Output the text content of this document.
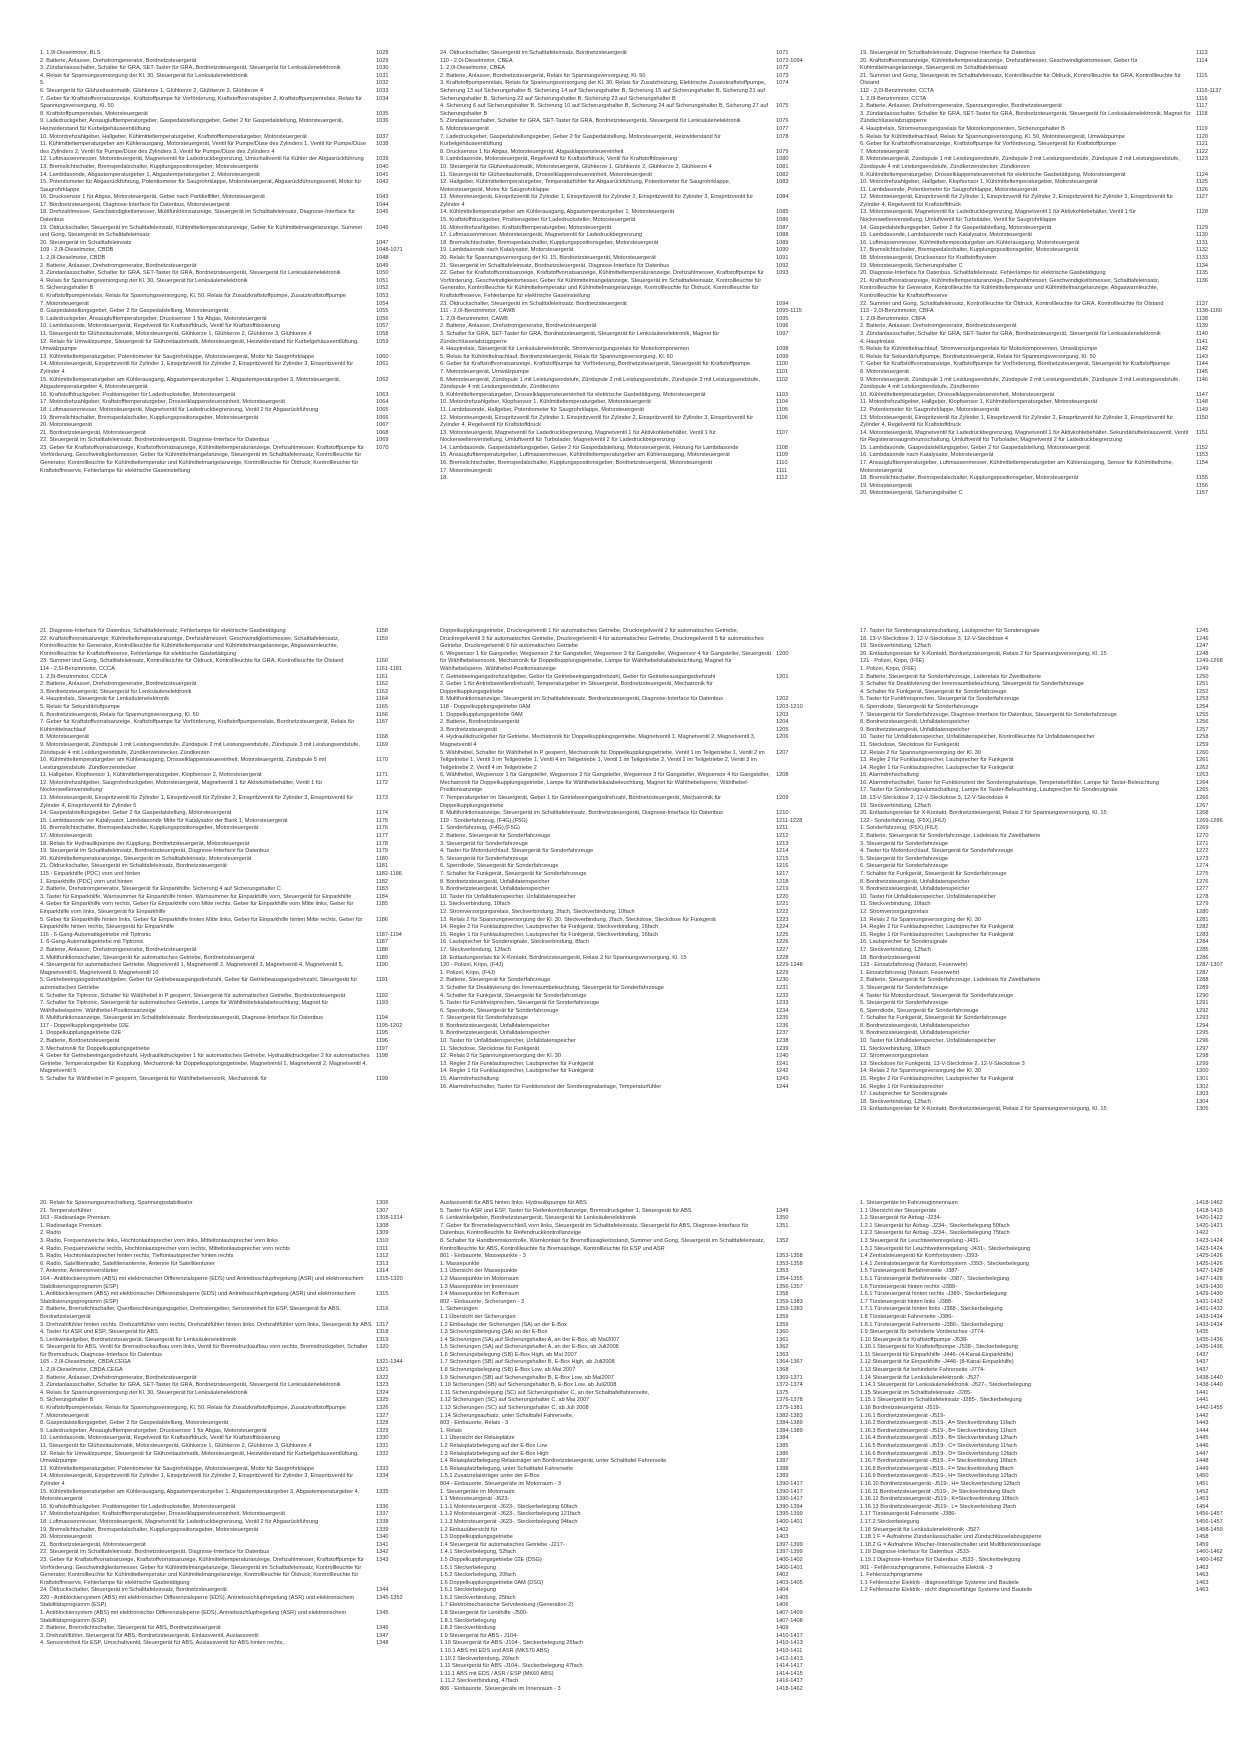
1. 1,9l-Dieselmotor, BLS	1028
2. Batterie, Anlasser, Drehstromgenerator, Bordnetzsteuergerät	1029
3. Zündanlassschalter, Schalter für GRA, SET-Taster für GRA, Bordnetzsteuergerät, Steuergerät für Lenksäulenelektronik	1030
4. Relais für Spannungsversorgung der Kl. 30, Steuergerät für Lenksäulenelektronik	1031
5.	1032
6. Steuergerät für Glühzeitautomatik, Glühkerze 1, Glühkerze 2, Glühkerze 3, Glühkerze 4	1033
7. Geber für Kraftstoffvorratsanzeige, Kraftstoffpumpe für Vorförderung, Kraftstoffvorratsgeber 2, Kraftstoffpumpenrelais, Relais für Spannungsversorgung, Kl. 50
1034
8. Kraftstoffpumpenrelais, Motorsteuergerät	1035
9. Ladedruckgeber, Ansauglufttemperaturgeber, Gaspedalstellungsgeber, Geber 2 für Gaspedalstellung, Motorsteuergerät, Heizwiderstand für Kurbelgehäuseentlüftung
1036
10. Motordrehzahlgeber, Hallgeber, Kühlmitteltemperaturgeber, Kraftstofftemperaturgeber, Motorsteuergerät	1037
11. Kühlmitteltemperaturgeber am Kühlerausgang, Motorsteuergerät, Ventil für Pumpe/Düse des Zylinders 1, Ventil für Pumpe/Düse des Zylinders 2, Ventil für Pumpe/Düse des Zylinders 3, Ventil für Pumpe/Düse des Zylinders 4
1038
12. Luftmassenmesser, Motorsteuergerät, Magnetventil für Ladedruckbegrenzung, Umschaltventil für Kühler der Abgasrückführung	1039
13. Bremslichtschalter, Bremspedalschalter, Kupplungspositionsgeber, Motorsteuergerät	1040
14. Lambdasonde, Abgastemperaturgeber 1, Abgastemperaturgeber 2, Motorsteuergerät	1041
15. Potentiometer für Abgasrückführung, Potentiometer für Saugrohrklappe, Motorsteuergerät, Abgasrückführungsventil, Motor für Saugrohrklappe
1042
16. Drucksensor 1 für Abgas, Motorsteuergerät, Geber nach Partikelfilter, Motorsteuergerät	1043
17. Bordnetzsteuergerät, Diagnose-Interface für Datenbus, Motorsteuergerät	1044
18. Drehzahlmesser, Geschwindigkeitsmesser, Multifunktionsanzeige, Steuergerät im Schalttafeleinsatz, Diagnose-Interface für Datenbus
1045
19. Öldruckschalter, Steuergerät im Schalttafeleinsatz, Kühlmitteltemperaturanzeige, Geber für Kühlmittelmangelanzeige, Summer und Gong, Steuergerät im Schalttafeleinsatz
1046
20. Steuergerät im Schalttafeleinsatz	1047
109 - 2,0l-Dieselmotor, CBDB	1048-1071
1. 2,0l-Dieselmotor, CBDB	1048
2. Batterie, Anlasser, Drehstromgenerator, Bordnetzsteuergerät	1049
3. Zündanlassschalter, Schalter für GRA, SET-Taster für GRA, Bordnetzsteuergerät, Steuergerät für Lenksäulenelektronik	1050
4. Relais für Spannungsversorgung der Kl. 30, Steuergerät für Lenksäulenelektronik	1051
5. Sicherungshalter B	1052
6. Kraftstoffpumpenrelais, Relais für Spannungsversorgung, Kl. 50, Relais für Zusatzkraftstoffpumpe, Zusatzkraftstoffpumpe	1053
7. Motorsteuergerät	1054
8. Gaspedalstellungsgeber, Geber 2 für Gaspedalstellung, Motorsteuergerät	1055
9. Ladedruckgeber, Ansauglufttemperaturgeber, Drucksensor 1 für Abgas, Motorsteuergerät	1056
10. Lambdasonde, Motorsteuergerät, Regelventil für Kraftstoffdruck, Ventil für Kraftstoffdosierung	1057
11. Steuergerät für Glühzeitautomatik, Motorsteuergerät, Glühkerze 1, Glühkerze 2, Glühkerze 3, Glühkerze 4	1058
12. Relais für Umwälzpumpe, Steuergerät für Glühzeitautomatik, Motorsteuergerät, Heizwiderstand für Kurbelgehäuseentlüftung, Umwälzpumpe
1059
13. Kühlmitteltemperaturgeber, Potentiometer für Saugrohrklappe, Motorsteuergerät, Motor für Saugrohrklappe	1060
14. Motorsteuergerät, Einspritzventil für Zylinder 1, Einspritzventil für Zylinder 2, Einspritzventil für Zylinder 3, Einspritzventil für Zylinder 4
1061
15. Kühlmitteltemperaturgeber am Kühlerausgang, Abgastemperaturgeber 1, Abgastemperaturgeber 3, Motorsteuergerät, Abgastemperaturgeber 4, Motorsteuergerät
1062
16. Kraftstoffdruckgeber, Positionsgeber für Ladedrucksteller, Motorsteuergerät	1063
17. Motordrehzahlgeber, Kraftstofftemperaturgeber, Drosselklappensteuereinheit, Motorsteuergerät	1064
18. Luftmassenmesser, Motorsteuergerät, Magnetventil für Ladedruckbegrenzung, Ventil 2 für Abgasrückführung	1065
19. Bremslichtschalter, Bremspedalschalter, Kupplungspositionsgeber, Motorsteuergerät	1066
20. Motorsteuergerät	1067
21. Bordnetzsteuergerät, Motorsteuergerät	1068
22. Steuergerät im Schalttafeleinsatz, Bordnetzsteuergerät, Diagnose-Interface für Datenbus	1069
23. Geber für Kraftstoffvorratsanzeige, Kraftstoffvorratsanzeige, Kühlmitteltemperaturanzeige, Drehzahlmesser, Kraftstoffpumpe für Vorförderung, Geschwindigkeitsmesser, Geber für Kühlmittelmangelanzeige, Steuergerät im Schalttafeleinsatz, Kontrollleuchte für Generator, Kontrollleuchte für Kühlmitteltemperatur und Kühlmittelmangelanzeige, Kontrollleuchte für Öldruck, Kontrollleuchte für Kraftstoffreserve, Fehlerlampe für elektrische Gaseinstellung
1070
24. Öldruckschalter, Steuergerät im Schalttafeleinsatz, Bordnetzsteuergerät	1071
110 - 2,0l-Dieselmotor, CBEA	1072-1094
1. 2,0l-Dieselmotor, CBEA	1072
2. Batterie, Anlasser, Bordnetzsteuergerät, Relais für Spannungsversorgung, Kl. 50	1073
3. Kraftstoffpumpenrelais, Relais für Spannungsversorgung der Kl. 30, Relais für Zusatzheizung, Elektrische Zusatzkraftstoffpumpe, Sicherung 13 auf Sicherungshalter B, Sicherung 14 auf Sicherungshalter B, Sicherung 15 auf Sicherungshalter B, Sicherung 21 auf Sicherungshalter B, Sicherung 22 auf Sicherungshalter B, Sicherung 23 auf Sicherungshalter B
1074
4. Sicherung 6 auf Sicherungshalter B, Sicherung 10 auf Sicherungshalter B, Sicherung 24 auf Sicherungshalter B, Sicherung 27 auf Sicherungshalter B
1075
5. Zündanlassschalter, Schalter für GRA, SET-Taster für GRA, Bordnetzsteuergerät, Steuergerät für Lenksäulenelektronik	1076
6. Motorsteuergerät	1077
7. Ladedruckgeber, Gaspedalstellungsgeber, Geber 2 für Gaspedalstellung, Motorsteuergerät, Heizwiderstand für Kurbelgehäuseentlüftung
1078
8. Drucksensor 1 für Abgas, Motorsteuergerät, Abgasklappensteuereinheit	1079
9. Lambdasonde, Motorsteuergerät, Regelventil für Kraftstoffdruck, Ventil für Kraftstoffdosierung	1080
10. Steuergerät für Glühzeitautomatik, Motorsteuergerät, Glühkerze 1, Glühkerze 2, Glühkerze 3, Glühkerze 4	1081
11. Steuergerät für Glühzeitautomatik, Drosselklappensteuereinheit, Motorsteuergerät	1082
12. Hallgeber, Kühlmitteltemperaturgeber, Temperaturfühler für Abgasrückführung, Potentiometer für Saugrohrklappe, Motorsteuergerät, Motor für Saugrohrklappe
1083
13. Motorsteuergerät, Einspritzventil für Zylinder 1, Einspritzventil für Zylinder 2, Einspritzventil für Zylinder 3, Einspritzventil für Zylinder 4
1084
14. Kühlmitteltemperaturgeber am Kühlerausgang, Abgastemperaturgeber 1, Motorsteuergerät	1085
15. Kraftstoffdruckgeber, Positionsgeber für Ladedrucksteller, Motorsteuergerät	1086
16. Motordrehzahlgeber, Kraftstofftemperaturgeber, Motorsteuergerät	1087
17. Luftmassenmesser, Motorsteuergerät, Magnetventil für Ladedruckbegrenzung	1088
18. Bremslichtschalter, Bremspedalschalter, Kupplungspositionsgeber, Motorsteuergerät	1089
19. Lambdasonde nach Katalysator, Motorsteuergerät	1090
20. Relais für Spannungsversorgung der Kl. 15, Bordnetzsteuergerät, Motorsteuergerät	1091
21. Steuergerät im Schalttafeleinsatz, Bordnetzsteuergerät, Diagnose-Interface für Datenbus	1092
22. Geber für Kraftstoffvorratsanzeige, Kraftstoffvorratsanzeige, Kühlmitteltemperaturanzeige, Drehzahlmesser, Kraftstoffpumpe für Vorförderung, Geschwindigkeitsmesser, Geber für Kühlmittelmangelanzeige, Steuergerät im Schalttafeleinsatz, Kontrollleuchte für Generator, Kontrollleuchte für Kühlmitteltemperatur und Kühlmittelmangelanzeige, Kontrollleuchte für Öldruck, Kontrollleuchte für Kraftstoffreserve, Fehlerlampe für elektrische Gaseinstellung
1093
23. Öldruckschalter, Steuergerät im Schalttafeleinsatz, Bordnetzsteuergerät	1094
111 - 2,0l-Benzinmotor, CAWB	1095-1115
1. 2,0l-Benzinmotor, CAWB	1095
2. Batterie, Anlasser, Drehstromgenerator, Bordnetzsteuergerät	1096
3. Schalter für GRA, SET-Taster für GRA, Bordnetzsteuergerät, Steuergerät für Lenksäulenelektronik, Magnet für Zündschlüsselabzugsperre
1097
4. Hauptrelais, Steuergerät für Lenksäulenelektronik, Stromversorgungsrelais für Motorkomponenten	1098
5. Relais für Kühlmittelnachlauf, Bordnetzsteuergerät, Relais für Spannungsversorgung, Kl. 50	1099
6. Geber für Kraftstoffvorratsanzeige, Kraftstoffpumpe für Vorförderung, Bordnetzsteuergerät, Steuergerät für Kraftstoffpumpe	1100
7. Motorsteuergerät, Umwälzpumpe	1101
8. Motorsteuergerät, Zündspule 1 mit Leistungsendstufe, Zündspule 2 mit Leistungsendstufe, Zündspule 3 mit Leistungsendstufe, Zündspule 4 mit Leistungsendstufe, Zündkerzen
1102
9. Kühlmitteltemperaturgeber, Drosselklappensteuereinheit für elektrische Gasbetätigung, Motorsteuergerät	1103
10. Motordrehzahlgeber, Klopfsensor 1, Kühlmitteltemperaturgeber, Motorsteuergerät	1104
11. Lambdasonde, Hallgeber, Potentiometer für Saugrohrklappe, Motorsteuergerät	1105
12. Motorsteuergerät, Einspritzventil für Zylinder 1, Einspritzventil für Zylinder 2, Einspritzventil für Zylinder 3, Einspritzventil für Zylinder 4, Regelventil für Kraftstoffdruck
1106
13. Motorsteuergerät, Magnetventil für Ladedruckbegrenzung, Magnetventil 1 für Aktivkohlebehälter, Ventil 1 für Nockenwellenverstellung, Umluftventil für Turbolader, Magnetventil 2 für Ladedruckbegrenzung
1107
14. Lambdasonde, Gaspedalstellungsgeber, Geber 2 für Gaspedalstellung, Motorsteuergerät, Heizung für Lambdasonde	1108
15. Ansauglufttemperaturgeber, Luftmassenmesser, Kühlmitteltemperaturgeber am Kühlerausgang, Motorsteuergerät	1109
16. Bremslichtschalter, Bremspedalschalter, Kupplungspositionsgeber, Bordnetzsteuergerät, Motorsteuergerät	1110
17. Motorsteuergerät	1111
18.	1112
19. Steuergerät im Schalttafeleinsatz, Diagnose-Interface für Datenbus	1113
20. Kraftstoffvorratsanzeige, Kühlmitteltemperaturanzeige, Drehzahlmesser, Geschwindigkeitsmesser, Geber für Kühlmittelmangelanzeige, Steuergerät im Schalttafeleinsatz
1114
21. Summer und Gong, Steuergerät im Schalttafeleinsatz, Kontrollleuchte für Öldruck, Kontrollleuchte für GRA, Kontrollleuchte für Ölstand
1115
112 - 2,0l-Benzinmotor, CCTA	1116-1137
1. 2,0l-Benzinmotor, CCTA	1116
2. Batterie, Anlasser, Drehstromgenerator, Spannungsregler, Bordnetzsteuergerät	1117
3. Zündanlassschalter, Schalter für GRA, SET-Taster für GRA, Bordnetzsteuergerät, Steuergerät für Lenksäulenelektronik, Magnet für Zündschlüsselabzugsperre
1118
4. Hauptrelais, Stromversorgungsrelais für Motorkomponenten, Sicherungshalter B	1119
5. Relais für Kühlmittelnachlauf, Relais für Spannungsversorgung, Kl. 50, Motorsteuergerät, Umwälzpumpe	1120
6. Geber für Kraftstoffvorratsanzeige, Kraftstoffpumpe für Vorförderung, Steuergerät für Kraftstoffpumpe	1121
7. Motorsteuergerät	1122
8. Motorsteuergerät, Zündspule 1 mit Leistungsendstufe, Zündspule 2 mit Leistungsendstufe, Zündspule 3 mit Leistungsendstufe, Zündspule 4 mit Leistungsendstufe, Zündkerzenstecker, Zündkerzen
1123
9. Kühlmitteltemperaturgeber, Drosselklappensteuereinheit für elektrische Gasbetätigung, Motorsteuergerät	1124
10. Motordrehzahlgeber, Hallgeber, Klopfsensor 1, Kühlmitteltemperaturgeber, Motorsteuergerät	1125
11. Lambdasonde, Potentiometer für Saugrohrklappe, Motorsteuergerät	1126
12. Motorsteuergerät, Einspritzventil für Zylinder 1, Einspritzventil für Zylinder 2, Einspritzventil für Zylinder 3, Einspritzventil für Zylinder 4, Regelventil für Kraftstoffdruck
1127
13. Motorsteuergerät, Magnetventil für Ladedruckbegrenzung, Magnetventil 1 für Aktivkohlebehälter, Ventil 1 für Nockenwellenverstellung, Umluftventil für Turbolader, Ventil für Saugrohrklappe
1128
14. Gaspedalstellungsgeber, Geber 2 für Gaspedalstellung, Motorsteuergerät	1129
15. Lambdasonde, Lambdasonde nach Katalysator, Motorsteuergerät	1130
16. Luftmassenmesser, Kühlmitteltemperaturgeber am Kühlerausgang, Motorsteuergerät	1131
17. Bremslichtschalter, Bremspedalschalter, Kupplungspositionsgeber, Motorsteuergerät	1132
18. Motorsteuergerät, Drucksensor für Kraftstoffsystem	1133
19. Motorsteuergerät, Sicherungshalter C	1134
20. Diagnose-Interface für Datenbus, Schalttafeleinsatz, Fehlerlampe für elektrische Gasbetätigung	1135
21. Kraftstoffvorratsanzeige, Kühlmitteltemperaturanzeige, Drehzahlmesser, Geschwindigkeitsmesser, Schalttafeleinsatz, Kontrollleuchte für Generator, Kontrollleuchte für Kühlmitteltemperatur und Kühlmittelmangelanzeige, Abgaswarnleuchte, Kontrollleuchte für Kraftstoffreserve
1136
22. Summer und Gong, Schalttafeleinsatz, Kontrollleuchte für Öldruck, Kontrollleuchte für GRA, Kontrollleuchte für Ölstand	1137
113 - 2,0l-Benzinmotor, CBFA	1138-1160
1. 2,0l-Benzinmotor, CBFA	1138
2. Batterie, Anlasser, Drehstromgenerator, Bordnetzsteuergerät	1139
3. Zündanlassschalter, Schalter für GRA, SET-Taster für GRA, Bordnetzsteuergerät, Steuergerät für Lenksäulenelektronik	1140
4. Hauptrelais	1141
5. Relais für Kühlmittelnachlauf, Stromversorgungsrelais für Motorkomponenten, Umwälzpumpe	1142
6. Relais für Sekundärluftpumpe, Bordnetzsteuergerät, Relais für Spannungsversorgung, Kl. 50	1143
7. Geber für Kraftstoffvorratsanzeige, Kraftstoffpumpe für Vorförderung, Bordnetzsteuergerät, Steuergerät für Kraftstoffpumpe	1144
8. Motorsteuergerät	1145
9. Motorsteuergerät, Zündspule 1 mit Leistungsendstufe, Zündspule 2 mit Leistungsendstufe, Zündspule 3 mit Leistungsendstufe, Zündspule 4 mit Leistungsendstufe, Zündkerzen
1146
10. Kühlmitteltemperaturgeber, Drosselklappensteuereinheit, Motorsteuergerät	1147
11. Motordrehzahlgeber, Hallgeber, Klopfsensor 1, Kühlmitteltemperaturgeber, Motorsteuergerät	1148
12. Potentiometer für Saugrohrklappe, Motorsteuergerät	1149
13. Motorsteuergerät, Einspritzventil für Zylinder 1, Einspritzventil für Zylinder 2, Einspritzventil für Zylinder 3, Einspritzventil für Zylinder 4, Regelventil für Kraftstoffdruck
1150
14. Motorsteuergerät, Magnetventil für Ladedruckbegrenzung, Magnetventil 1 für Aktivkohlebehälter, Sekundärlufteinlassventil, Ventil für Registeransaugrohrumschaltung, Umluftventil für Turbolader, Magnetventil 2 für Ladedruckbegrenzung
1151
15. Lambdasonde, Gaspedalstellungsgeber, Geber 2 für Gaspedalstellung, Motorsteuergerät	1152
16. Lambdasonde nach Katalysator, Motorsteuergerät	1153
17. Ansauglufttemperaturgeber, Luftmassenmesser, Kühlmitteltemperaturgeber am Kühlerausgang, Sensor für Kühlmittelhöhe, Motorsteuergerät
1154
18. Bremslichtschalter, Bremspedalschalter, Kupplungspositionsgeber, Motorsteuergerät	1155
19. Motorsteuergerät	1156
20. Motorsteuergerät, Sicherungshalter C	1157
21. Diagnose-Interface für Datenbus, Schalttafeleinsatz, Fehlerlampe für elektrische Gasbetätigung	1158
22. Kraftstoffvorratsanzeige, Kühlmitteltemperaturanzeige, Drehzahlmesser, Geschwindigkeitsmesser, Schalttafeleinsatz, Kontrollleuchte für Generator, Kontrollleuchte für Kühlmitteltemperatur und Kühlmittelmangelanzeige, Abgaswarnleuchte, Kontrollleuchte für Kraftstoffreserve, Fehlerlampe für elektrische Gasbetätigung
1159
23. Summer und Gong, Schalttafeleinsatz, Kontrollleuchte für Öldruck, Kontrollleuchte für GRA, Kontrollleuchte für Ölstand	1160
114 - 2,5l-Benzinmotor, CCCA	1161-1181
1. 2,5l-Benzinmotor, CCCA	1161
2. Batterie, Anlasser, Drehstromgenerator, Bordnetzsteuergerät	1162
3. Bordnetzsteuergerät, Steuergerät für Lenksäulenelektronik	1163
4. Hauptrelais, Steuergerät für Lenksäulenelektronik	1164
5. Relais für Sekundärluftpumpe	1165
6. Bordnetzsteuergerät, Relais für Spannungsversorgung, Kl. 50	1166
7. Geber für Kraftstoffvorratsanzeige, Kraftstoffpumpe für Vorförderung, Kraftstoffpumpenrelais, Bordnetzsteuergerät, Relais für Kühlmittelnachlauf
1167
8. Motorsteuergerät	1168
9. Motorsteuergerät, Zündspule 1 mit Leistungsendstufe, Zündspule 2 mit Leistungsendstufe, Zündspule 3 mit Leistungsendstufe, Zündspule 4 mit Leistungsendstufe, Zündkerzenstecker, Zündkerzen
1169
10. Kühlmitteltemperaturgeber am Kühlerausgang, Drosselklappensteuereinheit, Motorsteuergerät, Zündspule 5 mit Leistungsendstufe, Zündkerzenstecker
1170
11. Hallgeber, Klopfsensor 1, Kühlmitteltemperaturgeber, Klopfsensor 2, Motorsteuergerät	1171
12. Motordrehzahlgeber, Saugrohrdruckgeber, Motorsteuergerät, Magnetventil 1 für Aktivkohlebehälter, Ventil 1 für Nockenwellenverstellung
1172
13. Motorsteuergerät, Einspritzventil für Zylinder 1, Einspritzventil für Zylinder 2, Einspritzventil für Zylinder 3, Einspritzventil für Zylinder 4, Einspritzventil für Zylinder 5
1173
14. Gaspedalstellungsgeber, Geber 2 für Gaspedalstellung, Motorsteuergerät	1174
15. Lambdasonde vor Katalysator, Lambdasonde Mitte für Katalysator der Bank 1, Motorsteuergerät	1175
16. Bremslichtschalter, Bremspedalschalter, Kupplungspositionsgeber, Motorsteuergerät	1176
17. Motorsteuergerät	1177
18. Relais für Hydraulikpumpe der Kupplung, Bordnetzsteuergerät, Motorsteuergerät	1178
19. Steuergerät im Schalttafeleinsatz, Bordnetzsteuergerät, Diagnose-Interface für Datenbus	1179
20. Kühlmitteltemperaturanzeige, Steuergerät im Schalttafeleinsatz, Motorsteuergerät	1180
21. Öldruckschalter, Steuergerät im Schalttafeleinsatz, Bordnetzsteuergerät	1181
115 - Einparkhilfe (PDC) vorn und hinten	1182-1186
1. Einparkhilfe (PDC) vorn und hinten	1182
2. Batterie, Drehstromgenerator, Steuergerät für Einparkhilfe, Sicherung 4 auf Sicherungshalter C	1183
3. Taster für Einparkhilfe, Warnsummer für Einparkhilfe hinten, Warnsummer für Einparkhilfe vorn, Steuergerät für Einparkhilfe	1184
4. Geber für Einparkhilfe vorn rechts, Geber für Einparkhilfe vorn Mitte rechts, Geber für Einparkhilfe vorn Mitte links, Geber für Einparkhilfe vorn links, Steuergerät für Einparkhilfe
1185
5. Geber für Einparkhilfe hinten links, Geber für Einparkhilfe hinten Mitte links, Geber für Einparkhilfe hinten Mitte rechts, Geber für Einparkhilfe hinten rechts, Steuergerät für Einparkhilfe
1186
116 - 6-Gang-Automatikgetriebe mit Tiptronic	1187-1194
1. 6-Gang-Automatikgetriebe mit Tiptronic	1187
2. Batterie, Anlasser, Drehstromgenerator, Bordnetzsteuergerät	1188
3. Multifunktionsschalter, Steuergerät für automatisches Getriebe, Bordnetzsteuergerät	1189
4. Steuergerät für automatisches Getriebe, Magnetventil 1, Magnetventil 2, Magnetventil 3, Magnetventil 4, Magnetventil 5, Magnetventil 6, Magnetventil 9, Magnetventil 10
1190
5. Getriebeeingangsdrehzahlgeber, Geber für Getriebeausgangsdrehzahl, Geber für Getriebeausgangsdrehzahl, Steuergerät für automatisches Getriebe
1191
6. Schalter für Tiptronic, Schalter für Wählhebel in P gesperrt, Steuergerät für automatisches Getriebe, Bordnetzsteuergerät	1192
7. Schalter für Tiptronic, Steuergerät für automatisches Getriebe, Lampe für Wählhebelskalabeleuchtung, Magnet für Wählhebelsperre, Wählhebel-Positionsanzeige
1193
8. Multifunktionsanzeige, Steuergerät im Schalttafeleinsatz, Bordnetzsteuergerät, Diagnose-Interface für Datenbus	1194
117 - Doppelkupplungsgetriebe 02E	1195-1202
1. Doppelkupplungsgetriebe 02E	1195
2. Batterie, Bordnetzsteuergerät	1196
3. Mechatronik für Doppelkupplungsgetriebe	1197
4. Geber für Getriebeeingangsdrehzahl, Hydraulikdruckgeber 1 für automatisches Getriebe, Hydraulikdruckgeber 2 für automatisches Getriebe, Temperaturgeber für Kupplung, Mechatronik für Doppelkupplungsgetriebe, Magnetventil 1, Magnetventil 2, Magnetventil 4, Magnetventil 5
1198
5. Schalter für Wählhebel in P gesperrt, Steuergerät für Wählhebelsensorik, Mechatronik für	1199
Doppelkupplungsgetriebe, Druckregelventil 1 für automatisches Getriebe, Druckregelventil 2 für automatisches Getriebe, Druckregelventil 3 für automatisches Getriebe, Druckregelventil 4 für automatisches Getriebe, Druckregelventil 5 für automatisches Getriebe, Druckregelventil 6 für automatisches Getriebe
6. Wegsensor 1 für Gangsteller, Wegsensor 2 für Gangsteller, Wegsensor 3 für Gangsteller, Wegsensor 4 für Gangsteller, Steuergerät für Wählhebelsensorik, Mechatronik für Doppelkupplungsgetriebe, Lampe für Wählhebelskalabeleuchtung, Magnet für Wählhebelsperre, Wählhebel-Positionsanzeige
1200
7. Getriebeeingangsdrehzahlgeber, Geber für Getriebeeingangsdrehzahl, Geber für Getriebeausgangsdrehzahl	1201
2. Geber 1 für Antriebswellendrehzahl, Temperaturgeber im Steuergerät, Bordnetzsteuergerät, Mechatronik für Doppelkupplungsgetriebe
8. Multifunktionsanzeige, Steuergerät im Schalttafeleinsatz, Bordnetzsteuergerät, Diagnose-Interface für Datenbus	1202
118 - Doppelkupplungsgetriebe 0AM	1203-1210
1. Doppelkupplungsgetriebe 0AM	1203
2. Batterie, Bordnetzsteuergerät	1204
3. Bordnetzsteuergerät	1205
4. Hydraulikdruckgeber für Getriebe, Mechatronik für Doppelkupplungsgetriebe, Magnetventil 1, Magnetventil 2, Magnetventil 3, Magnetventil 4
1206
5. Wählhebel, Schalter für Wählhebel in P gesperrt, Mechatronik für Doppelkupplungsgetriebe, Ventil 1 im Teilgetriebe 1, Ventil 2 im Teilgetriebe 1, Ventil 3 im Teilgetriebe 1, Ventil 4 im Teilgetriebe 1, Ventil 1 im Teilgetriebe 2, Ventil 2 im Teilgetriebe 2, Ventil 3 im Teilgetriebe 2, Ventil 4 im Teilgetriebe 2
1207
6. Wählhebel, Wegsensor 1 für Gangsteller, Wegsensor 2 für Gangsteller, Wegsensor 3 für Gangsteller, Wegsensor 4 für Gangsteller, Mechatronik für Doppelkupplungsgetriebe, Lampe für Wählhebelskalabeleuchtung, Magnet für Wählhebelsperre, Wählhebel-Positionsanzeige
1208
7. Temperaturgeber im Steuergerät, Geber 1 für Getriebeeingangsdrehzahl, Bordnetzsteuergerät, Mechatronik für Doppelkupplungsgetriebe
1209
8. Multifunktionsanzeige, Steuergerät im Schalttafeleinsatz, Bordnetzsteuergerät, Diagnose-Interface für Datenbus	1210
119 - Sonderfahrzeug, (F4G),(F5G)	1211-1228
1. Sonderfahrzeug, (F4G),(F5G)	1211
2. Batterie, Steuergerät für Sonderfahrzeuge	1212
3. Steuergerät für Sonderfahrzeuge	1213
4. Taster für Motordurchlauf, Steuergerät für Sonderfahrzeuge	1214
5. Steuergerät für Sonderfahrzeuge	1215
6. Sperrdiode, Steuergerät für Sonderfahrzeuge	1216
7. Schalter für Funkgerät, Steuergerät für Sonderfahrzeuge	1217
8. Bordnetzsteuergerät, Unfalldatenspeicher	1218
9. Bordnetzsteuergerät, Unfalldatenspeicher	1219
10. Taster für Unfalldatenspeicher, Unfalldatenspeicher	1220
11. Steckverbindung, 10fach	1221
12. Stromversorgungsrelais, Steckverbindung, 2fach, Steckverbindung, 10fach	1222
13. Relais 2 für Spannungsversorgung der Kl. 30, Steckverbindung, 2fach, Steckdose, Steckdose für Funkgerät	1223
14. Regler 2 für Funklautsprecher, Lautsprecher für Funkgerät, Steckverbindung, 16fach	1224
15. Regler 1 für Funklautsprecher, Lautsprecher für Funkgerät, Steckverbindung, 16fach	1225
16. Lautsprecher für Sondersignale, Steckverbindung, 8fach	1226
17. Steckverbindung, 12fach	1227
18. Entlastungsrelais für X-Kontakt, Bordnetzsteuergerät, Relais 2 für Spannungsversorgung, Kl. 15	1228
120 - Polizei, Kripo, (F4J)	1229-1248
1. Polizei, Kripo, (F4J)	1229
2. Batterie, Steuergerät für Sonderfahrzeuge	1230
3. Schalter für Deaktivierung der Innenraumbeleuchtung, Steuergerät für Sonderfahrzeuge	1231
4. Schalter für Funkgerät, Steuergerät für Sonderfahrzeuge	1232
5. Taster für Funkfreisprechen, Steuergerät für Sonderfahrzeuge	1233
6. Sperrdiode, Steuergerät für Sonderfahrzeuge	1234
7. Steuergerät für Sonderfahrzeuge	1235
8. Bordnetzsteuergerät, Unfalldatenspeicher	1236
9. Bordnetzsteuergerät, Unfalldatenspeicher	1237
10. Taster für Unfalldatenspeicher, Unfalldatenspeicher	1238
11. Steckdose, Steckdose für Funkgerät	1239
12. Relais 2 für Spannungsversorgung der Kl. 30	1240
13. Regler 2 für Funklautsprecher, Lautsprecher für Funkgerät	1241
14. Regler 1 für Funklautsprecher, Lautsprecher für Funkgerät	1242
15. Alarmdrehschaltung	1243
16. Alarmdrehschalter, Taster für Funktionstest der Sondersignalanlage, Temperaturfühler	1244
17. Taster für Sondersignalumschaltung, Lautsprecher für Sondersignale	1245
18. 13-V-Steckdose 2, 12-V-Steckdose 3, 12-V-Steckdose 4	1246
19. Steckverbindung, 12fach	1247
20. Entlastungsrelais für X-Kontakt, Bordnetzsteuergerät, Relais 2 für Spannungsversorgung, Kl. 15	1248
121 - Polizei, Kripo, (F6E)	1249-1268
1. Polizei, Kripo, (F6E)	1249
2. Batterie, Steuergerät für Sonderfahrzeuge, Laderelais für Zweitbatterie	1250
3. Schalter für Deaktivierung der Innenraumbeleuchtung, Steuergerät für Sonderfahrzeuge	1251
4. Schalter für Funkgerät, Steuergerät für Sonderfahrzeuge	1252
5. Taster für Funkfreisprechen, Steuergerät für Sonderfahrzeuge	1253
6. Sperrdiode, Steuergerät für Sonderfahrzeuge	1254
7. Steuergerät für Sonderfahrzeuge, Diagnose-Interface für Datenbus, Steuergerät für Sonderfahrzeuge	1255
8. Bordnetzsteuergerät, Unfalldatenspeicher	1256
9. Bordnetzsteuergerät, Unfalldatenspeicher	1257
10. Taster für Unfalldatenspeicher, Unfalldatenspeicher, Kontrollleuchte für Unfalldatenspeicher	1258
11. Steckdose, Steckdose für Funkgerät	1259
12. Relais 2 für Spannungsversorgung der Kl. 30	1260
13. Regler 2 für Funklautsprecher, Lautsprecher für Funkgerät	1261
14. Regler 1 für Funklautsprecher, Lautsprecher für Funkgerät	1262
15. Alarmdrehschaltung	1263
16. Alarmdrehschalter, Taster für Funktionstest der Sondersignalanlage, Temperaturfühler, Lampe für Taster-Beleuchtung	1264
17. Taster für Sondersignalumschaltung, Lampe für Taster-Beleuchtung, Lautsprecher für Sondersignale	1265
18. 13-V-Steckdose 2, 12-V-Steckdose 3, 12-V-Steckdose 4	1266
19. Steckverbindung, 12fach	1267
20. Entlastungsrelais für X-Kontakt, Bordnetzsteuergerät, Relais 2 für Spannungsversorgung, Kl. 15	1268
122 - Sonderfahrzeug, (F5X),(F6J)	1269-1286
1. Sonderfahrzeug, (F5X),(F6J)	1269
2. Batterie, Steuergerät für Sonderfahrzeuge, Ladeleiais für Zweitbatterie	1270
3. Steuergerät für Sonderfahrzeuge	1271
4. Taster für Motordurchlauf, Steuergerät für Sonderfahrzeuge	1272
5. Steuergerät für Sonderfahrzeuge	1273
6. Steuergerät für Sonderfahrzeuge	1274
7. Schalter für Funkgerät, Steuergerät für Sonderfahrzeuge	1275
8. Bordnetzsteuergerät, Unfalldatenspeicher	1276
9. Bordnetzsteuergerät, Unfalldatenspeicher	1277
10. Taster für Unfalldatenspeicher, Unfalldatenspeicher	1278
11. Steckverbindung, 10fach	1279
12. Stromversorgungsrelais	1280
13. Relais 2 für Spannungsversorgung der Kl. 30	1281
14. Regler 2 für Funklautsprecher, Lautsprecher für Funkgerät	1282
15. Regler 1 für Funklautsprecher, Lautsprecher für Funkgerät	1283
16. Lautsprecher für Sondersignale	1284
17. Steckverbindung, 12fach	1285
18. Bordnetzsteuergerät	1286
123 - Einsatzfahrzeug (Notarzt, Feuerwehr)	1287-1307
1. Einsatzfahrzeug (Notarzt, Feuerwehr)	1287
2. Batterie, Steuergerät für Sonderfahrzeuge, Ladeleiais für Zweitbatterie	1288
3. Steuergerät für Sonderfahrzeuge	1289
4. Taster für Motordurchlauf, Steuergerät für Sonderfahrzeuge	1290
5. Steuergerät für Sonderfahrzeuge	1291
6. Sperrdiode, Steuergerät für Sonderfahrzeuge	1292
7. Schalter für Funkgerät, Steuergerät für Sonderfahrzeuge	1293
8. Bordnetzsteuergerät, Unfalldatenspeicher	1294
9. Bordnetzsteuergerät, Unfalldatenspeicher	1295
10. Taster für Unfalldatenspeicher, Unfalldatenspeicher	1296
11. Steckverbindung, 10fach	1297
12. Stromversorgungsrelais	1298
13. Steckdose für Funkgerät, 13-V-Steckdose 2, 12-V-Steckdose 3	1299
14. Relais 2 für Spannungsversorgung der Kl. 30	1300
15. Regler 2 für Funklautsprecher, Lautsprecher für Funkgerät	1301
16. Regler 1 für Funklautsprecher	1302
17. Lautsprecher für Sondersignale	1303
18. Steckverbindung, 12fach	1304
19. Entlastungsrelais für X-Kontakt, Bordnetzsteuergerät, Relais 2 für Spannungsversorgung, Kl. 15	1305
20. Relais für Spannungsumschaltung, Spannungsstabilisator	1306
21. Temperaturfühler	1307
163 - Radioanlage Premium	1308-1314
1. Radioanlage Premium	1308
2. Radio	1309
3. Radio, Frequenzweiche links, Hochtonlautsprecher vorn links, Mitteltonlautsprecher vorn links	1310
4. Radio, Frequenzweiche rechts, Hochtonlautsprecher vorn rechts, Mitteltonlautsprecher vorn rechts	1311
5. Radio, Hochtonlautsprecher hinten rechts, Tieftonlautsprecher hinten rechts	1312
6. Radio, Satellitenradio, Satellitenantenne, Antenne für Satellitentuner	1313
7. Antenne, Antennenverstärker	1314
164 - Antiblockiersystem (ABS) mit elektronischer Differenzialsperre (EDS) und Antriebsschlupfregelung (ASR) und elektronischem Stabilisierungsprogramm (ESP)
1315-1320
1. Antiblockiersystem (ABS) mit elektronischer Differenzialsperre (EDS) und Antriebsschlupfregelung (ASR) und elektronischem Stabilisierungsprogramm (ESP)
1315
2. Batterie, Bremslichtschalter, Quertbeschleunigungsgeber, Drehratengeber, Sensoreinheit für ESP, Steuergerät für ABS, Bordnetzsteuergerät
1316
3. Drehzahlfühler hinten rechts, Drehzahlfühler vorn rechts, Drehzahlfühler hinten links, Drehzahlfühler vorn links, Steuergerät für ABS 1317
4. Taster für ASR und ESP, Steuergerät für ABS	1318
5. Lenkwinkelgeber, Bordnetzsteuergerät, Steuergerät für Lenksäulenelektronik	1319
6. Steuergerät für ABS, Ventil für Bremsdruckaufbau vorn links, Ventil für Bremsdruckaufbau vorn rechts, Bremsdruckgeber, Schalter für Bremsdruck, Diagnose-Interface für Datenbus
1320
165 - 2,0l-Dieselmotor, CBDA,CEGA	1321-1344
1. 2,0l-Dieselmotor, CBDA,CEGA	1321
2. Batterie, Anlasser, Drehstromgenerator, Bordnetzsteuergerät	1322
3. Zündanlassschalter, Schalter für GRA, SET-Taster für GRA, Bordnetzsteuergerät, Steuergerät für Lenksäulenelektronik	1323
4. Relais für Spannungsversorgung der Kl. 30, Steuergerät für Lenksäulenelektronik	1324
5. Sicherungshalter B	1325
6. Kraftstoffpumpenrelais, Relais für Spannungsversorgung, Kl. 50, Relais für Zusatzkraftstoffpumpe, Zusatzkraftstoffpumpe	1326
7. Motorsteuergerät	1327
8. Gaspedalstellungsgeber, Geber 2 für Gaspedalstellung, Motorsteuergerät	1328
9. Ladedruckgeber, Ansauglufttemperaturgeber, Drucksensor 1 für Abgas, Motorsteuergerät	1329
10. Lambdasonde, Motorsteuergerät, Regelventil für Kraftstoffdruck, Ventil für Kraftstoffdosierung	1330
11. Steuergerät für Glühzeitautomatik, Motorsteuergerät, Glühkerze 1, Glühkerze 2, Glühkerze 3, Glühkerze 4	1331
12. Relais für Umwälzpumpe, Steuergerät für Glühzeitautomatik, Motorsteuergerät, Heizwiderstand für Kurbelgehäuseentlüftung, Umwälzpumpe
1332
13. Kühlmitteltemperaturgeber, Potentiometer für Saugrohrklappe, Motorsteuergerät, Motor für Saugrohrklappe	1333
14. Motorsteuergerät, Einspritzventil für Zylinder 1, Einspritzventil für Zylinder 2, Einspritzventil für Zylinder 3, Einspritzventil für Zylinder 4
1334
15. Kühlmitteltemperaturgeber am Kühlerausgang, Abgastemperaturgeber 1, Abgastemperaturgeber 3, Abgastemperaturgeber 4, Motorsteuergerät
1335
16. Kraftstoffdruckgeber, Positionsgeber für Ladedrucksteller, Motorsteuergerät	1336
17. Motordrehzahlgeber, Kraftstofftemperaturgeber, Drosselklappensteuereinheit, Motorsteuergerät	1337
18. Luftmassenmesser, Motorsteuergerät, Magnetventil für Ladedruckbegrenzung, Ventil 2 für Abgasrückführung	1338
19. Bremslichtschalter, Bremspedalschalter, Kupplungspositionsgeber, Motorsteuergerät	1339
20. Motorsteuergerät	1340
21. Bordnetzsteuergerät, Motorsteuergerät	1341
22. Steuergerät im Schalttafeleinsatz, Bordnetzsteuergerät, Diagnose-Interface für Datenbus	1342
23. Geber für Kraftstoffvorratsanzeige, Kraftstoffvorratsanzeige, Kühlmitteltemperaturanzeige, Drehzahlmesser, Kraftstoffpumpe für Vorförderung, Geschwindigkeitsmesser, Geber für Kühlmittelmangelanzeige, Steuergerät im Schalttafeleinsatz, Kontrollleuchte für Generator, Kontrollleuchte für Kühlmitteltemperatur und Kühlmittelmangelanzeige, Kontrollleuchte für Öldruck, Kontrollleuchte für Kraftstoffreserve, Fehlerlampe für elektrische Gasbetätigung
1343
24. Öldruckschalter, Steuergerät im Schalttafeleinsatz, Bordnetzsteuergerät	1344
220 - Antiblockiersystem (ABS) mit elektronischer Differenzialsperre (EDS), Antriebsschlupfregelung (ASR) und elektronischem Stabilitätsprogramm (ESP)
1345-1352
1. Antiblockiersystem (ABS) mit elektronischer Differenzialsperre (EDS), Antriebsschlupfregelung (ASR) und elektronischem Stabilitätsprogramm (ESP)
1345
2. Batterie, Bremslichtschalter, Steuergerät für ABS, Bordnetzsteuergerät	1346
3. Drehzahlfühler, Steuergerät für ABS, Bordnetzsteuergerät, Einlassventil, Auslassventil	1347
4. Sensoreinheit für ESP, Umschaltventil, Steuergerät für ABS, Auslassventil für ABS hinten rechts,	1348
Auslassventil für ABS hinten links, Hydraulikpumpe für ABS
5. Taster für ASR und ESP, Taster für Reifenkontrollanzeige, Bremsdruckgeber 1, Steuergerät für ABS	1349
6. Lenkwinkelgeber, Bordnetzsteuergerät, Steuergerät für Lenksäulenelektronik	1350
7. Geber für Bremsbelagverschleiß vorn links, Steuergerät im Schalttafeleinsatz, Steuergerät für ABS, Diagnose-Interface für Datenbus, Kontrollleuchte für Reifendruckkontrollanzeige
1351
8. Schalter für Handbremskontrolle, Warnkontakt für Bremsflüssigkeitsstand, Summer und Gong, Steuergerät im Schalttafeleinsatz, Kontrollleuchte für ABS, Kontrollleuchte für Bremsanlage, Kontrollleuchte für ESP und ASR
1352
801 - Einbauorte, Massepunkte - 3	1353-1358
1. Massepunkte	1353-1358
1.1 Übersicht der Massepunkte	1353
1.2 Massepunkte im Motorraum	1354-1355
1.3 Massepunkte im Innenraum	1356-1357
1.4 Massepunkte im Kofferraum	1358
802 - Einbauorte, Sicherungen - 3	1359-1383
1. Sicherungen	1359-1383
1.1 Übersicht der Sicherungen	1359
1.2 Einbaulage der Sicherungen (SA) an der E-Box	1359
1.3 Sicherungsbelegung (SA) an der E-Box	1360
1.4 Sicherungen (SA) auf Sicherungshalter A, an der E-Box, ab Mai2007	1361
1.5 Sicherungen (SA) auf Sicherungshalter A, an der E-Box, ab Juli2008	1362
1.6 Sicherungsbelegung (SB) E-Box High, ab Mai 2007	1363
1.7 Sicherungen (SB) auf Sicherungshalter B, E-Box High, ab Juli2008	1364-1367
1.8 Sicherungsbelegung (SB) E-Box Low, ab Mai 2007	1368
1.9 Sicherungen (SB) auf Sicherungshalter B, E-Box Low, ab Mai2007	1369-1371
1.10 Sicherungen (SB) auf Sicherungshalter B, E-Box Low, ab Juli2008	1372-1374
1.11 Sicherungsbelegung (SC) auf Sicherungshalter C, an der Schalttafelfahrerseite,	1375
1.12 Sicherungen (SC) auf Sicherungshalter C, ab Mai 2007	1376-1378
1.13 Sicherungen (SC) auf Sicherungshalter C, ab Juli 2008	1379-1381
1.14 Sicherungsaufsatz, unter Schalttafel Fahrerseite,	1382-1383
803 - Einbauorte, Relais - 3	1384-1389
1. Relais	1384-1389
1.1 Übersicht der Relaisplätze	1384
1.2 Relaisplatzbelegung auf der E-Box Low	1385
1.3 Relaisplatzbelegung auf der E-Box High	1386
1.4 Relaisplatzbelegung Relaisträger am Bordnetzsteuergerät, unter Schalttafel Fahrerseite	1387
1.5 Relaisplatzbelegung, unter Schalttafel Fahrerseite	1388
1.5.1 Zusatzrelaisträger unter der E-Box	1389
804 - Einbauorte, Steuergeräte im Motorraum - 3	1390-1417
1. Steuergeräte im Motorraum	1390-1417
1.1 Motorsteuergerät -J623-	1390-1417
1.1.1 Motorsteuergerät -J623-, Steckerbelegung 60fach	1390-1394
1.1.2 Motorsteuergerät -J623-, Steckerbelegung 121fach	1395-1399
1.1.3 Motorsteuergerät -J623-, Steckerbelegung 94fach	1400-1401
1.2 Einbauübersicht für	1402
1.3 Doppelkupplungsgetriebe	1403
1.4 Steuergerät für automatisches Getriebe -J217-	1397-1399
1.4.1 Steckerbelegung, 52fach	1397-1399
1.5 Doppelkupplungsgetriebe 02E (DSG)	1400-1402
1.5.1 Steckerbelegung	1400-1401
1.5.2 Steckerbelegung, 20fach	1402
1.6 Doppelkupplungsgetriebe 0AM (DSG)	1403-1405
1.6.1 Steckerbelegung	1404
1.6.2 Steckverbindung, 25fach	1405
1.7 Elektromechanische Servolenkung (Generation 2)	1406
1.8 Steuergerät für Lenkhilfe -J500-	1407-1409
1.8.1 Steckerbelegung	1407-1408
1.8.2 Steckverbindung	1409
1.9 Steuergerät für ABS - J104-	1410-1417
1.10 Steuergerät für ABS -J104-, Steckerbelegung 26fach	1410-1413
1.10.1 ABS mit EDS und ASR (MK570 ABS)	1410-1411
1.10.2 Steckverbindung, 26fach	1412-1413
1.11 Steuergerät für ABS -J104-, Steckerbelegung 47fach	1414-1417
1.11.1 ABS mit EDS / ASR / ESP (MK60 ABS)	1414-1415
1.11.2 Steckverbindung, 47fach	1416-1417
806 - Einbauorte, Steuergeräte im Innenraum - 3	1418-1462
1. Steuergeräte im Fahrzeuginnenraum	1418-1462
1.1 Übersicht der Steuergeräte	1418-1419
1.2 Steuergerät für Airbag -J234-	1420-1422
1.2.1 Steuergerät für Airbag -J234-, Steckerbelegung 50fach	1420-1421
1.2.2 Steuergerät für Airbag -J234-, Steckerbelegung 75fach	1422
1.3 Steuergerät für Leuchtweitenregelung -J431-	1423-1424
1.3.1 Steuergerät für Leuchtweitenregelung -J431-, Steckerbelegung	1423-1424
1.4 Zentralsteuergerät für Komfortsystem -J393-	1425-1426
1.4.1 Zentralsteuergerät für Komfortsystem -J393-, Steckerbelegung	1425-1426
1.5 Türsteuergerät Beifahrerseite -J387-	1427-1428
1.5.1 Türsteuergerät Beifahrerseite -J387-, Steckerbelegung	1427-1428
1.6 Türsteuergerät hinten rechts -J389-	1429-1430
1.6.1 Türsteuergerät hinten rechts -J389-, Steckerbelegung	1429-1430
1.7 Türsteuergerät hinten links -J388-	1431-1432
1.7.1 Türsteuergerät hinten links -J388-, Steckerbelegung	1431-1432
1.8 Türsteuergerät Fahrerseite -J386-	1433-1434
1.8.1 Türsteuergerät Fahrerseite -J386-, Steckerbelegung	1433-1434
1.9 Steuergerät für behinderte Vorderachse -J774-	1435
1.10 Steuergerät für Kraftstoffpumpe -J538-	1435-1436
1.10.1 Steuergerät für Kraftstoffpumpe -J538-, Steckerbelegung	1435-1436
1.11 Steuergerät für Einparkhilfe -J446- (4-Kanal-Einparkhilfe)	1437
1.12 Steuergerät für Einparkhilfe -J446- (8-Kanal-Einparkhilfe)	1437
1.13 Steuergerät für behinderte Fahrerseite -J774-	1437
1.14 Steuergerät für Lenksäulenelektronik -J527-	1438-1440
1.14.1 Steuergerät für Lenksäulenelektronik -J527-, Steckerbelegung	1438-1440
1.15 Steuergerät im Schalttafeleinsatz -J285-	1441
1.15.1 Steuergerät im Schalttafeleinsatz -J285-, Steckerbelegung	1441
1.16 Bordnetzsteuergerät -J519-	1442-1455
1.16.1 Bordnetzsteuergerät -J519-	1442
1.16.2 Bordnetzsteuergerät -J519-, A= Steckverbindung 11fach	1443
1.16.3 Bordnetzsteuergerät -J519-, B= Steckverbindung 11fach	1444
1.16.4 Bordnetzsteuergerät -J519-, B= Steckverbindung 12fach	1445
1.16.5 Bordnetzsteuergerät -J519-, C= Steckverbindung 11fach	1446
1.16.6 Bordnetzsteuergerät -J519-, D= Steckverbindung 12fach	1447
1.16.7 Bordnetzsteuergerät -J519-, F= Steckverbindung 16fach	1448
1.16.8 Bordnetzsteuergerät -J519-, F= Steckverbindung 8fach	1449
1.16.9 Bordnetzsteuergerät -J519-, H= Steckverbindung 12fach	1450
1.16.10 Bordnetzsteuergerät -J519-, H= Steckverbindung 12fach	1451
1.16.11 Bordnetzsteuergerät -J519-, J= Steckverbindung 6fach	1452
1.16.12 Bordnetzsteuergerät -J519-, K=Steckverbindung 10fach	1453
1.16.13 Bordnetzsteuergerät -J519-, L= Steckverbindung 2fach	1454
1.17 Türsteuergerät Fahrerseite -J386-	1456-1457
1.17.2 Steckerbelegung	1456-1457
1.18 Steuergerät für Lenksäulenelektronik -J527-	1458-1459
1.18.1 F = Aufnahme Zündanlassschalter und Zündschlüsselabzugsperre	1458
1.18.2 G = Aufnahme Wischer-/Intervallschalter und Multifunktionsanlage	1459
1.19 Diagnose-Interface für Datenbus -J533-	1460-1462
1.19.1 Diagnose-Interface für Datenbus -J533-, Steckerbelegung	1460-1462
901 - Fehlersuchprogramme, Fehlersuche Elektrik - 3	1463
1. Fehlersuchprogramme	1463
1.1 Fehlersuche Elektrik - diagnosefähige Systeme und Bauteile	1463
1.2 Fehlersuche Elektrik - nicht diagnosefähige Systeme und Bauteile	1463
